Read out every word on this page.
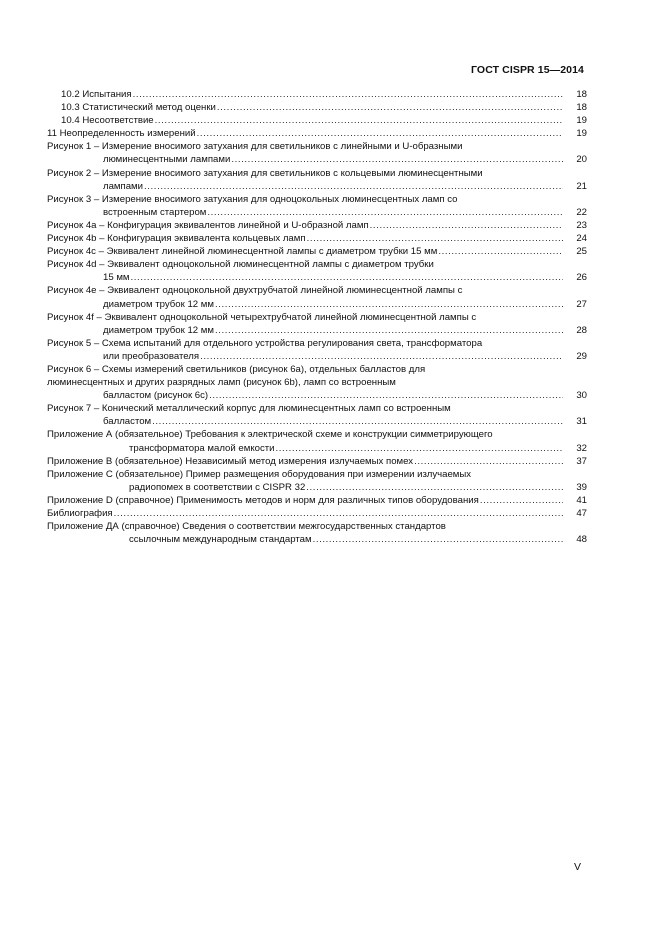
ГОСТ CISPR 15—2014
10.2 Испытания .....	18
10.3 Статистический метод оценки .....	18
10.4 Несоответствие .....	19
11 Неопределенность измерений .....	19
Рисунок 1 – Измерение вносимого затухания для светильников с линейными и U-образными
люминесцентными лампами .....	20
Рисунок 2 – Измерение вносимого затухания для светильников с кольцевыми люминесцентными
лампами .....	21
Рисунок 3 – Измерение вносимого затухания для одноцокольных люминесцентных ламп со
встроенным стартером .....	22
Рисунок 4а – Конфигурация эквивалентов линейной и U-образной ламп .....	23
Рисунок 4b – Конфигурация эквивалента кольцевых ламп .....	24
Рисунок 4с – Эквивалент линейной люминесцентной лампы с диаметром трубки 15 мм .....	25
Рисунок 4d – Эквивалент одноцокольной люминесцентной лампы с диаметром трубки
15 мм .....	26
Рисунок 4е – Эквивалент одноцокольной двухтрубчатой линейной люминесцентной лампы с
диаметром трубок 12 мм .....	27
Рисунок 4f – Эквивалент одноцокольной четырехтрубчатой линейной люминесцентной лампы с
диаметром трубок 12 мм .....	28
Рисунок 5 – Схема испытаний для отдельного устройства регулирования света, трансформатора
или преобразователя .....	29
Рисунок 6 – Схемы измерений светильников (рисунок 6а), отдельных балластов для
люминесцентных и других разрядных ламп (рисунок 6b), ламп со встроенным
балластом (рисунок 6с) .....	30
Рисунок 7 – Конический металлический корпус для люминесцентных ламп со встроенным
балластом .....	31
Приложение А (обязательное) Требования к электрической схеме и конструкции симметрирующего
трансформатора малой емкости .....	32
Приложение В (обязательное) Независимый метод измерения излучаемых помех .....	37
Приложение С (обязательное) Пример размещения оборудования при измерении излучаемых
радиопомех в соответствии с CISPR 32 .....	39
Приложение D (справочное) Применимость методов и норм для различных типов оборудования .....	41
Библиография .....	47
Приложение ДА (справочное) Сведения о соответствии межгосударственных стандартов
ссылочным международным стандартам .....	48
V
